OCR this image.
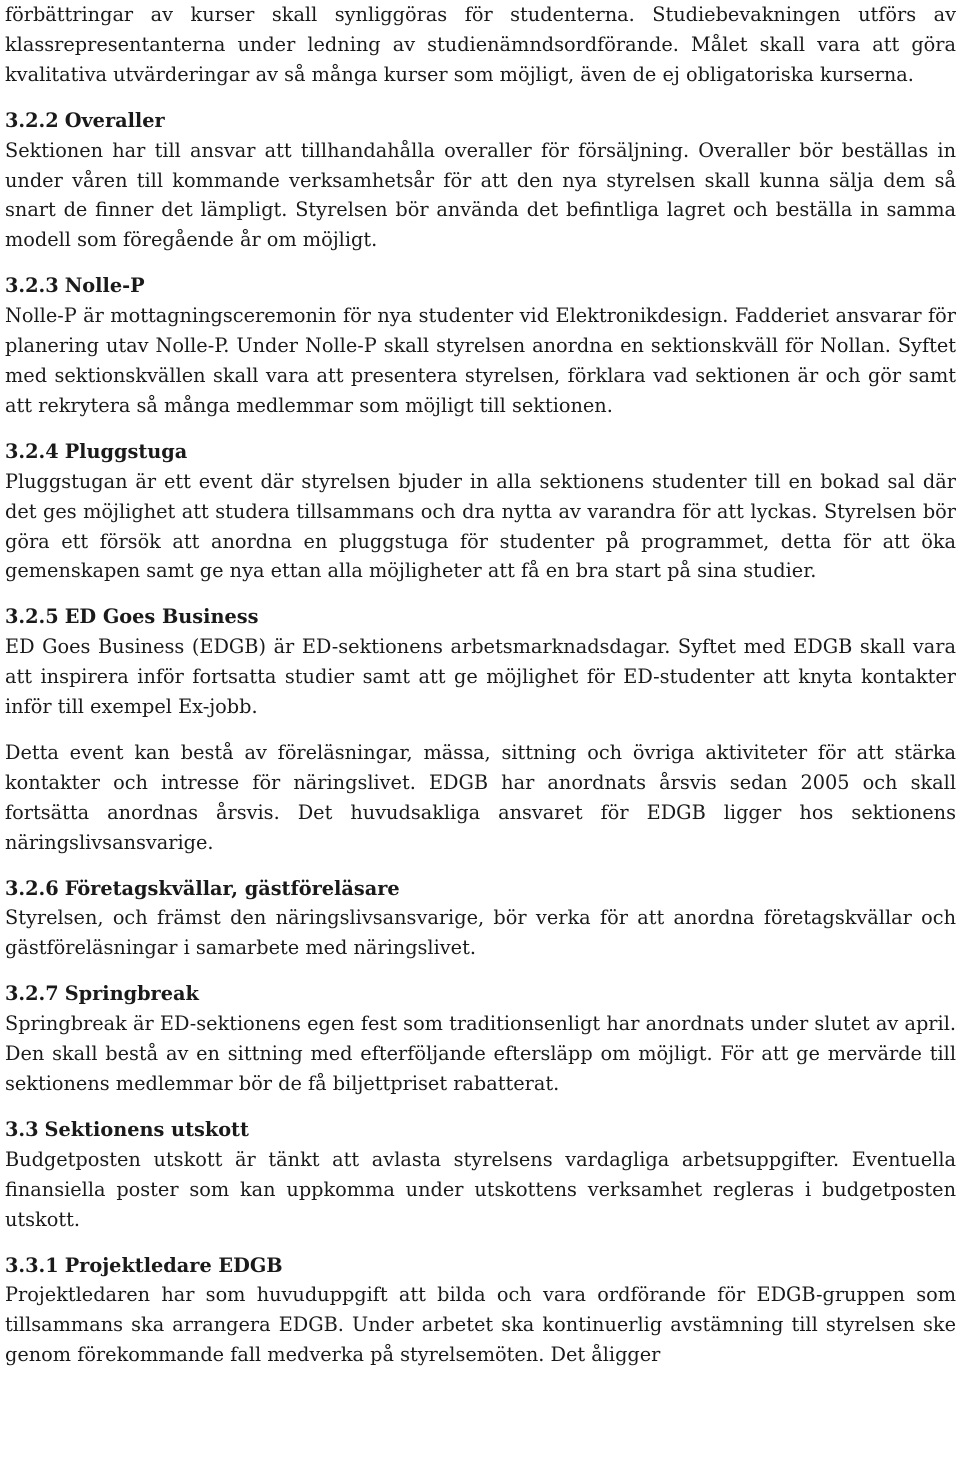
förbättringar av kurser skall synliggöras för studenterna. Studiebevakningen utförs av klassrepresentanterna under ledning av studienämndsordförande. Målet skall vara att göra kvalitativa utvärderingar av så många kurser som möjligt, även de ej obligatoriska kurserna.

3.2.2 Overaller

Sektionen har till ansvar att tillhandahålla overaller för försäljning. Overaller bör beställas in under våren till kommande verksamhetsår för att den nya styrelsen skall kunna sälja dem så snart de finner det lämpligt. Styrelsen bör använda det befintliga lagret och beställa in samma modell som föregående år om möjligt.

3.2.3 Nolle-P

Nolle-P är mottagningsceremonin för nya studenter vid Elektronikdesign. Fadderiet ansvarar för planering utav Nolle-P. Under Nolle-P skall styrelsen anordna en sektionskväll för Nollan. Syftet med sektionskvällen skall vara att presentera styrelsen, förklara vad sektionen är och gör samt att rekrytera så många medlemmar som möjligt till sektionen.

3.2.4 Pluggstuga

Pluggstugan är ett event där styrelsen bjuder in alla sektionens studenter till en bokad sal där det ges möjlighet att studera tillsammans och dra nytta av varandra för att lyckas. Styrelsen bör göra ett försök att anordna en pluggstuga för studenter på programmet, detta för att öka gemenskapen samt ge nya ettan alla möjligheter att få en bra start på sina studier.

3.2.5 ED Goes Business

ED Goes Business (EDGB) är ED-sektionens arbetsmarknadsdagar. Syftet med EDGB skall vara att inspirera inför fortsatta studier samt att ge möjlighet för ED-studenter att knyta kontakter inför till exempel Ex-jobb.

Detta event kan bestå av föreläsningar, mässa, sittning och övriga aktiviteter för att stärka kontakter och intresse för näringslivet. EDGB har anordnats årsvis sedan 2005 och skall fortsätta anordnas årsvis. Det huvudsakliga ansvaret för EDGB ligger hos sektionens näringslivsansvarige.

3.2.6 Företagskvällar, gästföreläsare

Styrelsen, och främst den näringslivsansvarige, bör verka för att anordna företagskvällar och gästföreläsningar i samarbete med näringslivet.

3.2.7 Springbreak

Springbreak är ED-sektionens egen fest som traditionsenligt har anordnats under slutet av april. Den skall bestå av en sittning med efterföljande eftersläpp om möjligt. För att ge mervärde till sektionens medlemmar bör de få biljettpriset rabatterat.

3.3 Sektionens utskott

Budgetposten utskott är tänkt att avlasta styrelsens vardagliga arbetsuppgifter. Eventuella finansiella poster som kan uppkomma under utskottens verksamhet regleras i budgetposten utskott.

3.3.1 Projektledare EDGB

Projektledaren har som huvuduppgift att bilda och vara ordförande för EDGB-gruppen som tillsammans ska arrangera EDGB. Under arbetet ska kontinuerlig avstämning till styrelsen ske genom förekommande fall medverka på styrelsemöten. Det åligger
